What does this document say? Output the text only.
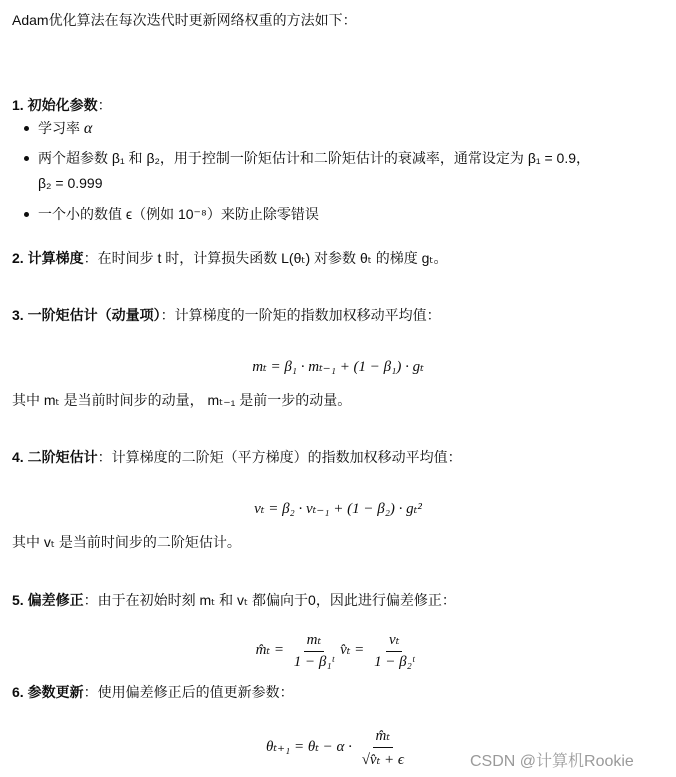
Adam优化算法在每次迭代时更新网络权重的方法如下：
1. 初始化参数：
学习率 α
两个超参数 β₁ 和 β₂，用于控制一阶矩估计和二阶矩估计的衰减率，通常设定为 β₁ = 0.9，
β₂ = 0.999
一个小的数值 ϵ（例如 10⁻⁸）来防止除零错误
2. 计算梯度：在时间步 t 时，计算损失函数 L(θₜ) 对参数 θₜ 的梯度 gₜ。
3. 一阶矩估计（动量项）：计算梯度的一阶矩的指数加权移动平均值：
mₜ = β₁ · mₜ₋₁ + (1 − β₁) · gₜ
其中 mₜ 是当前时间步的动量， mₜ₋₁ 是前一步的动量。
4. 二阶矩估计：计算梯度的二阶矩（平方梯度）的指数加权移动平均值：
vₜ = β₂ · vₜ₋₁ + (1 − β₂) · gₜ²
其中 vₜ 是当前时间步的二阶矩估计。
5. 偏差修正：由于在初始时刻 mₜ 和 vₜ 都偏向于0，因此进行偏差修正：
m̂ₜ = $\frac{\text{mₜ}}{\text{1 − β₁ᵗ}}$ v̂ₜ = $\frac{\text{vₜ}}{\text{1 − β₂ᵗ}}$
6. 参数更新：使用偏差修正后的值更新参数：
$\theta_{t+1} = \theta_t - \alpha \cdot \frac{\text{m̂ₜ}}{\text{√v̂ₜ + ϵ}}$	CSDN @计算机Rookie
